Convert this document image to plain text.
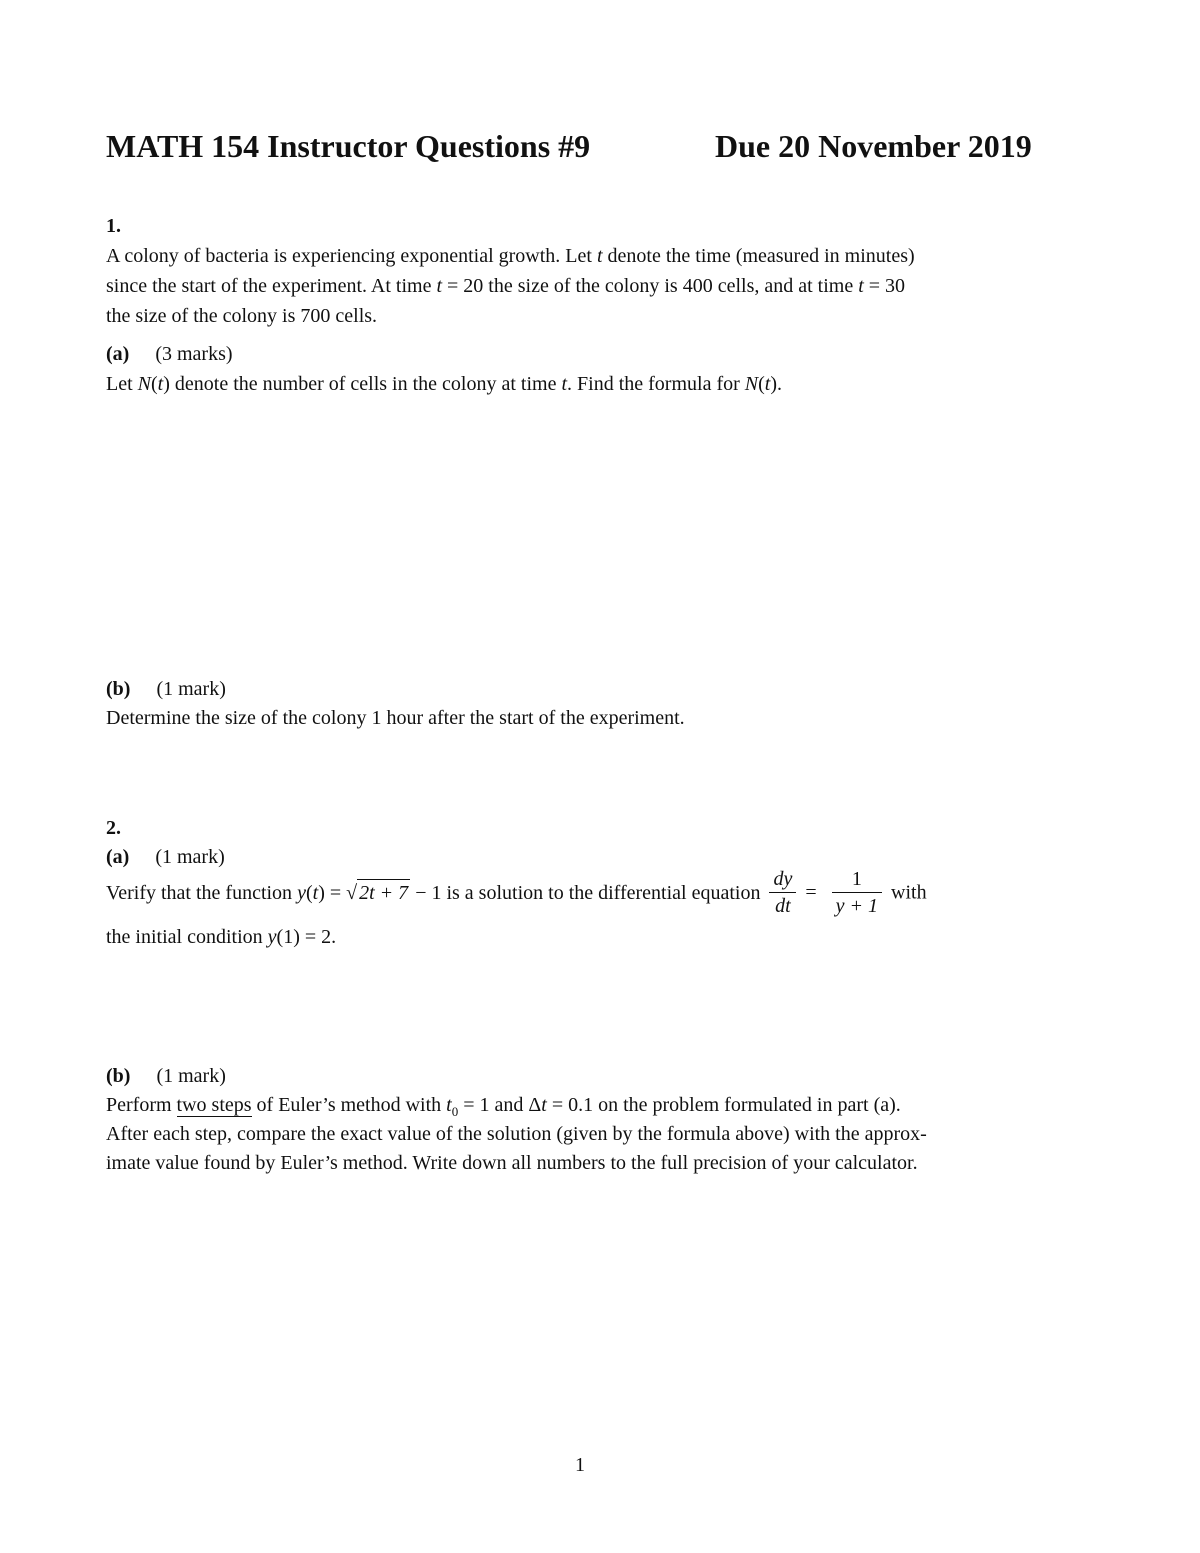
MATH 154 Instructor Questions #9	Due 20 November 2019
1.
A colony of bacteria is experiencing exponential growth. Let t denote the time (measured in minutes)
since the start of the experiment. At time t = 20 the size of the colony is 400 cells, and at time t = 30
the size of the colony is 700 cells.
(a) (3 marks)
Let N(t) denote the number of cells in the colony at time t. Find the formula for N(t).
(b) (1 mark)
Determine the size of the colony 1 hour after the start of the experiment.
2.
(a) (1 mark)
Verify that the function y(t) = √ 2t + 7 − 1 is a solution to the differential equation $\frac{dy}{dt} = \frac{1}{y + 1}$ with
the initial condition y(1) = 2.
(b) (1 mark)
Perform two steps of Euler’s method with $t_0 = 1$ and Δt = 0.1 on the problem formulated in part (a).
After each step, compare the exact value of the solution (given by the formula above) with the approx-
imate value found by Euler’s method. Write down all numbers to the full precision of your calculator.
1
